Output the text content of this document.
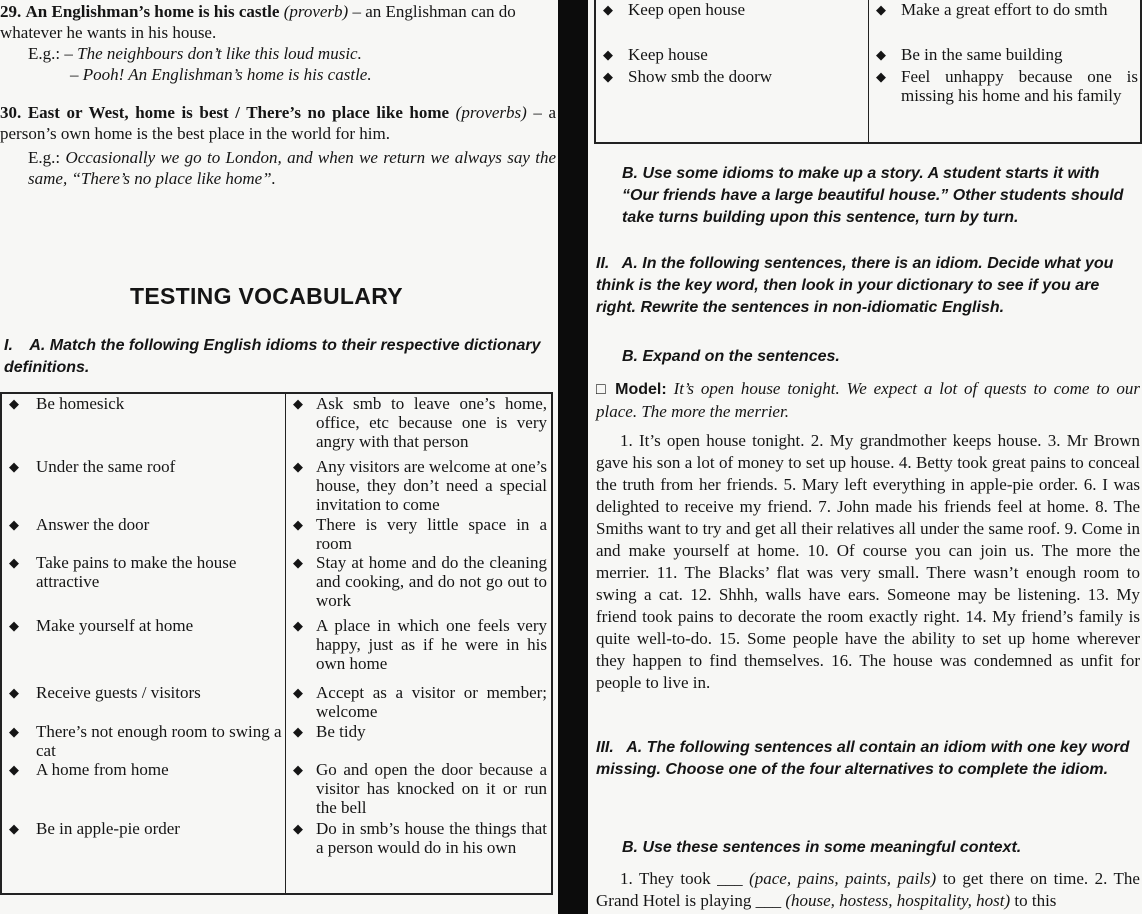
29. An Englishman’s home is his castle (proverb) – an Englishman can do whatever he wants in his house.
E.g.: – The neighbours don’t like this loud music.
– Pooh! An Englishman’s home is his castle.
30. East or West, home is best / There’s no place like home (proverbs) – a person’s own home is the best place in the world for him.
E.g.: Occasionally we go to London, and when we return we always say the same, “There’s no place like home”.
TESTING VOCABULARY
I. A. Match the following English idioms to their respective dictionary definitions.
◆ Be homesick	◆ Ask smb to leave one’s home, office, etc because one is very angry with that person

◆ Under the same roof	◆ Any visitors are welcome at one’s house, they don’t need a special invitation to come

◆ Answer the door	◆ There is very little space in a room

◆ Take pains to make the house attractive	◆ Stay at home and do the cleaning and cooking, and do not go out to work

◆ Make yourself at home	◆ A place in which one feels very happy, just as if he were in his own home

◆ Receive guests / visitors	◆ Accept as a visitor or member; welcome

◆ There’s not enough room to swing a cat	◆ Be tidy

◆ A home from home	◆ Go and open the door because a visitor has knocked on it or run the bell

◆ Be in apple-pie order	◆ Do in smb’s house the things that a person would do in his own
◆ Keep open house	◆ Make a great effort to do smth

◆ Keep house	◆ Be in the same building

◆ Show smb the doorw	◆ Feel unhappy because one is missing his home and his family
B. Use some idioms to make up a story. A student starts it with “Our friends have a large beautiful house.” Other students should take turns building upon this sentence, turn by turn.
II. A. In the following sentences, there is an idiom. Decide what you think is the key word, then look in your dictionary to see if you are right. Rewrite the sentences in non-idiomatic English.
B. Expand on the sentences.
□ Model: It’s open house tonight. We expect a lot of quests to come to our place. The more the merrier.
1. It’s open house tonight. 2. My grandmother keeps house. 3. Mr Brown gave his son a lot of money to set up house. 4. Betty took great pains to conceal the truth from her friends. 5. Mary left everything in apple-pie order. 6. I was delighted to receive my friend. 7. John made his friends feel at home. 8. The Smiths want to try and get all their relatives all under the same roof. 9. Come in and make yourself at home. 10. Of course you can join us. The more the merrier. 11. The Blacks’ flat was very small. There wasn’t enough room to swing a cat. 12. Shhh, walls have ears. Someone may be listening. 13. My friend took pains to decorate the room exactly right. 14. My friend’s family is quite well-to-do. 15. Some people have the ability to set up home wherever they happen to find themselves. 16. The house was condemned as unfit for people to live in.
III. A. The following sentences all contain an idiom with one key word missing. Choose one of the four alternatives to complete the idiom.
B. Use these sentences in some meaningful context.
1. They took ___ (pace, pains, paints, pails) to get there on time. 2. The Grand Hotel is playing ___ (house, hostess, hospitality, host) to this
